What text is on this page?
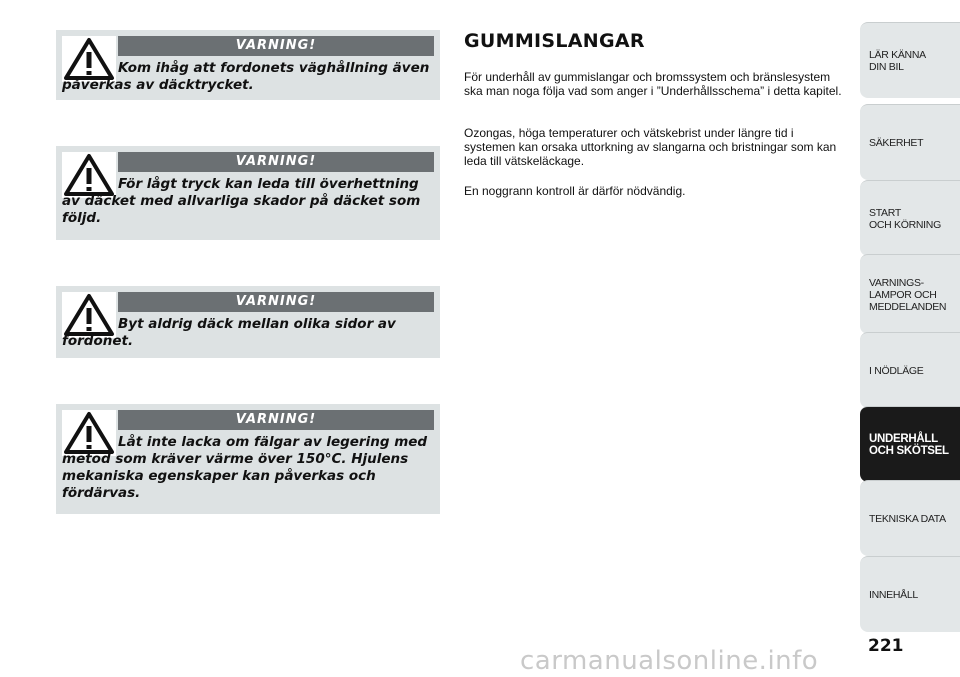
VARNING!
Kom ihåg att fordonets väghållning även påverkas av däcktrycket.
VARNING!
För lågt tryck kan leda till överhettning av däcket med allvarliga skador på däcket som följd.
VARNING!
Byt aldrig däck mellan olika sidor av fordonet.
VARNING!
Låt inte lacka om fälgar av legering med metod som kräver värme över 150°C. Hjulens mekaniska egenskaper kan påverkas och fördärvas.
GUMMISLANGAR

För underhåll av gummislangar och bromssystem och bränslesystem ska man noga följa vad som anger i ”Underhållsschema” i detta kapitel.

Ozongas, höga temperaturer och vätskebrist under längre tid i systemen kan orsaka uttorkning av slangarna och bristningar som kan leda till vätskeläckage.

En noggrann kontroll är därför nödvändig.

LÄR KÄNNA
DIN BIL
SÄKERHET
START
OCH KÖRNING
VARNINGS-
LAMPOR OCH
MEDDELANDEN
I NÖDLÄGE
UNDERHÅLL
OCH SKÖTSEL
TEKNISKA DATA
INNEHÅLL
221
carmanualsonline.info
